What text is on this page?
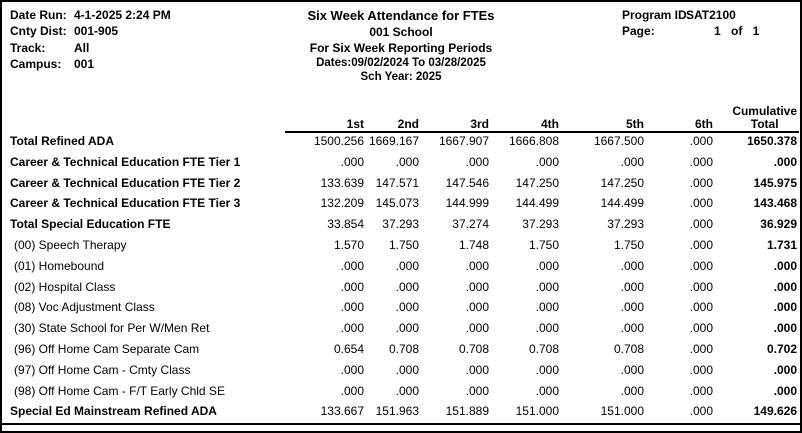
Date Run: 4-1-2025 2:24 PM
Cnty Dist: 001-905
Track:	All
Campus:	001
Six Week Attendance for FTEs
001 School
For Six Week Reporting Periods
Dates:09/02/2024 To 03/28/2025
Sch Year: 2025
Program ID:
SAT2100
Page:	1 of 1
	1st	2nd	3rd	4th	5th	6th	Cumulative
Total

Total Refined ADA	1500.256	1669.167	1667.907	1666.808	1667.500	.000	1650.378
Career & Technical Education FTE Tier 1	.000	.000	.000	.000	.000	.000	.000
Career & Technical Education FTE Tier 2	133.639	147.571	147.546	147.250	147.250	.000	145.975
Career & Technical Education FTE Tier 3	132.209	145.073	144.999	144.499	144.499	.000	143.468
Total Special Education FTE	33.854	37.293	37.274	37.293	37.293	.000	36.929
(00) Speech Therapy	1.570	1.750	1.748	1.750	1.750	.000	1.731
(01) Homebound	.000	.000	.000	.000	.000	.000	.000
(02) Hospital Class	.000	.000	.000	.000	.000	.000	.000
(08) Voc Adjustment Class	.000	.000	.000	.000	.000	.000	.000
(30) State School for Per W/Men Ret	.000	.000	.000	.000	.000	.000	.000
(96) Off Home Cam Separate Cam	0.654	0.708	0.708	0.708	0.708	.000	0.702
(97) Off Home Cam - Cmty Class	.000	.000	.000	.000	.000	.000	.000
(98) Off Home Cam - F/T Early Chld SE	.000	.000	.000	.000	.000	.000	.000
Special Ed Mainstream Refined ADA	133.667	151.963	151.889	151.000	151.000	.000	149.626
